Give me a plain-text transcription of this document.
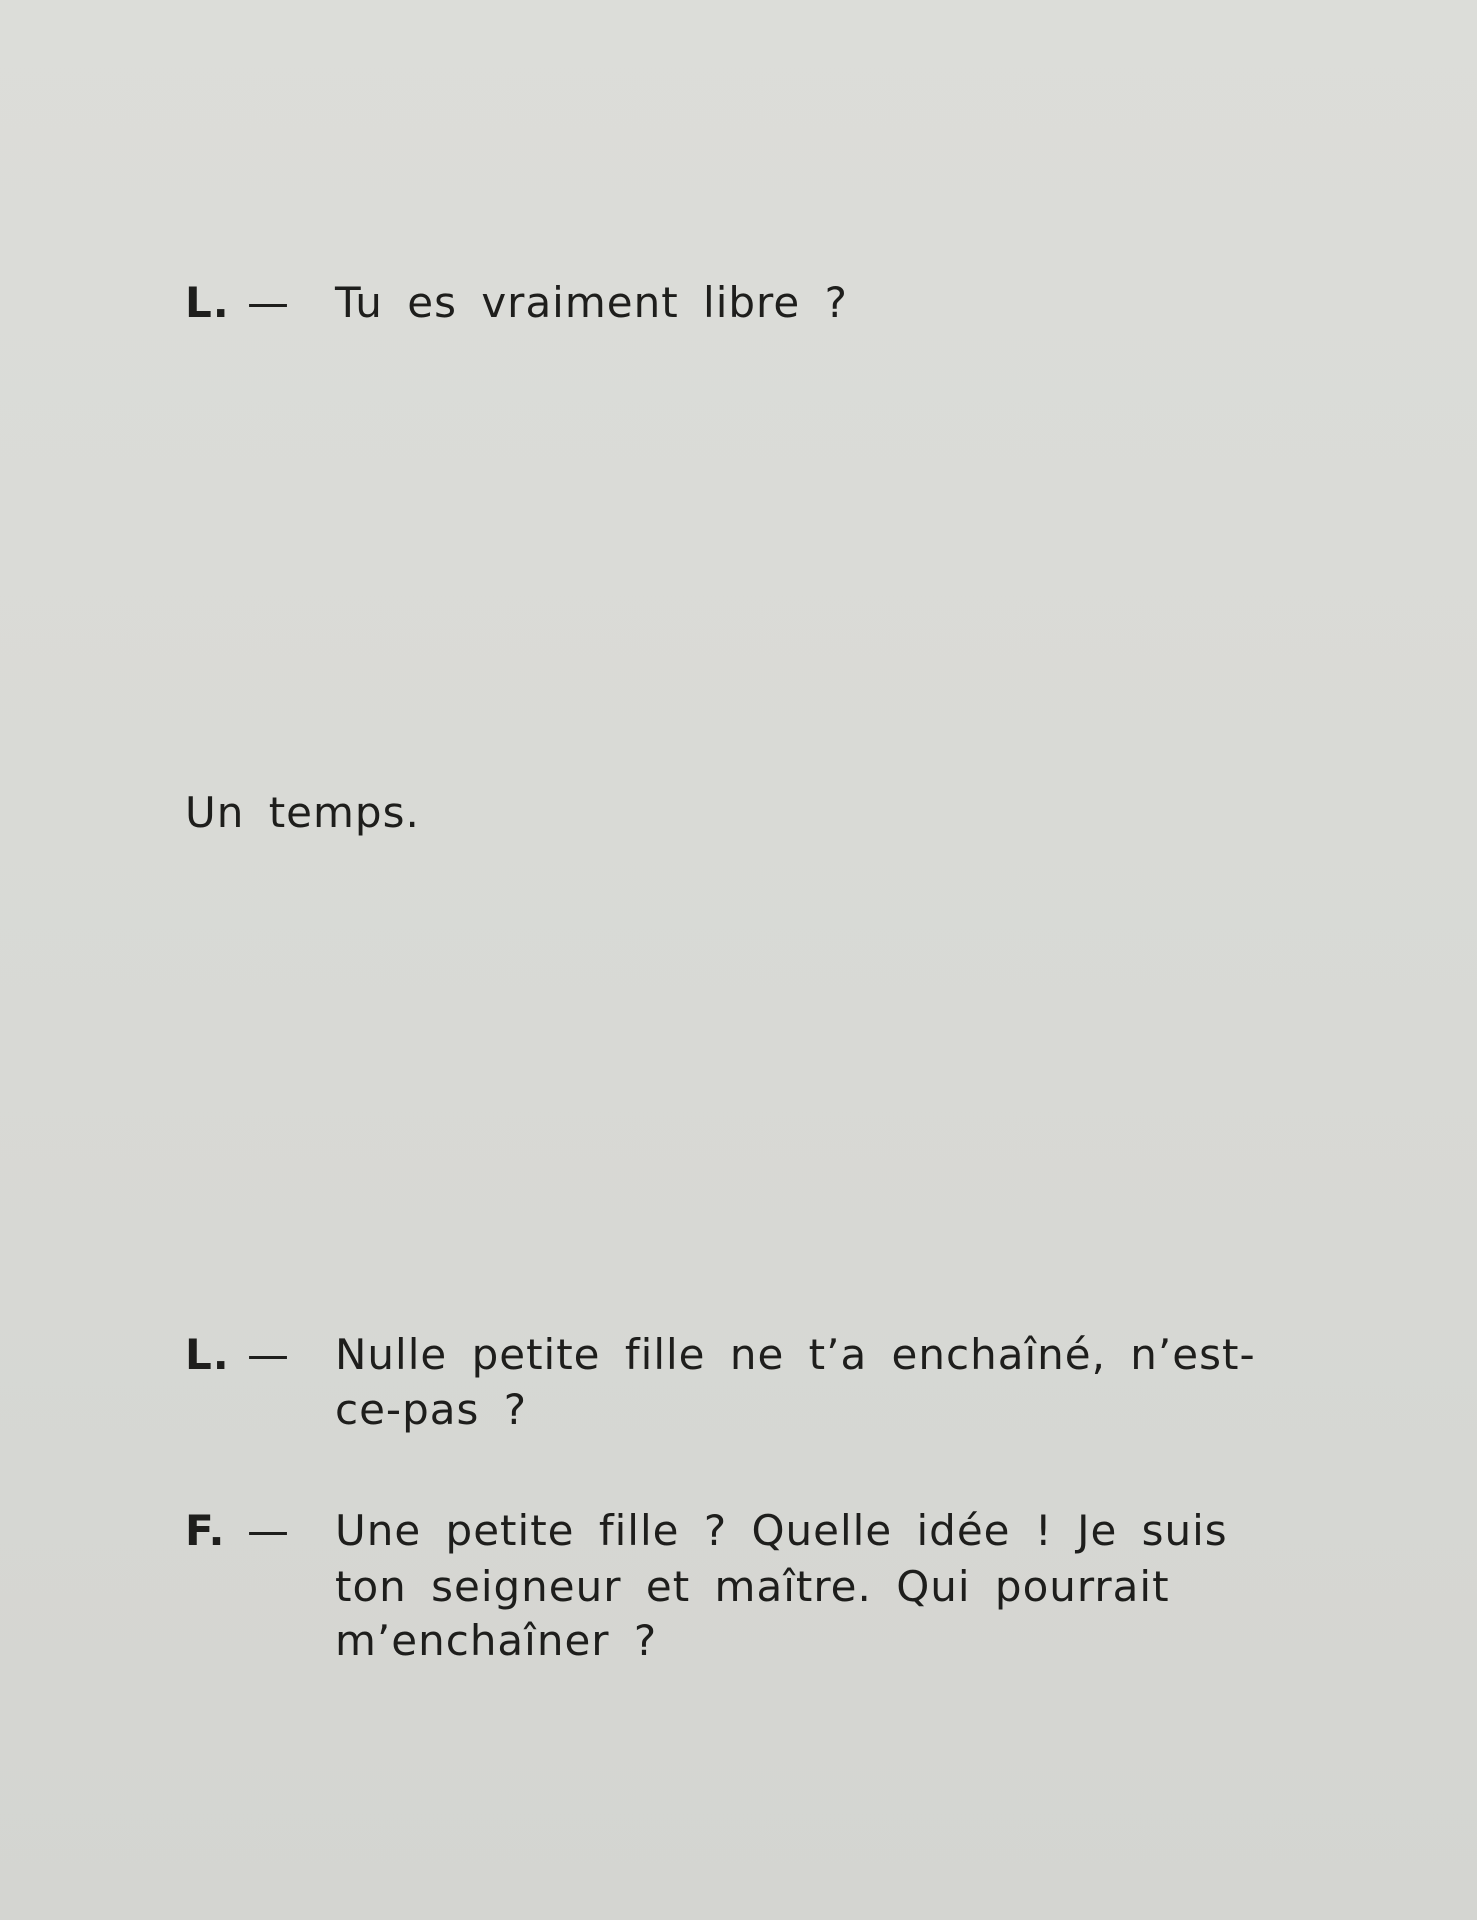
L. — Tu es vraiment libre ?
Un temps.
L. — Nulle petite fille ne t’a enchaîné, n’est-
ce-pas ?
F. — Une petite fille ? Quelle idée ! Je suis
ton seigneur et maître. Qui pourrait
m’enchaîner ?
